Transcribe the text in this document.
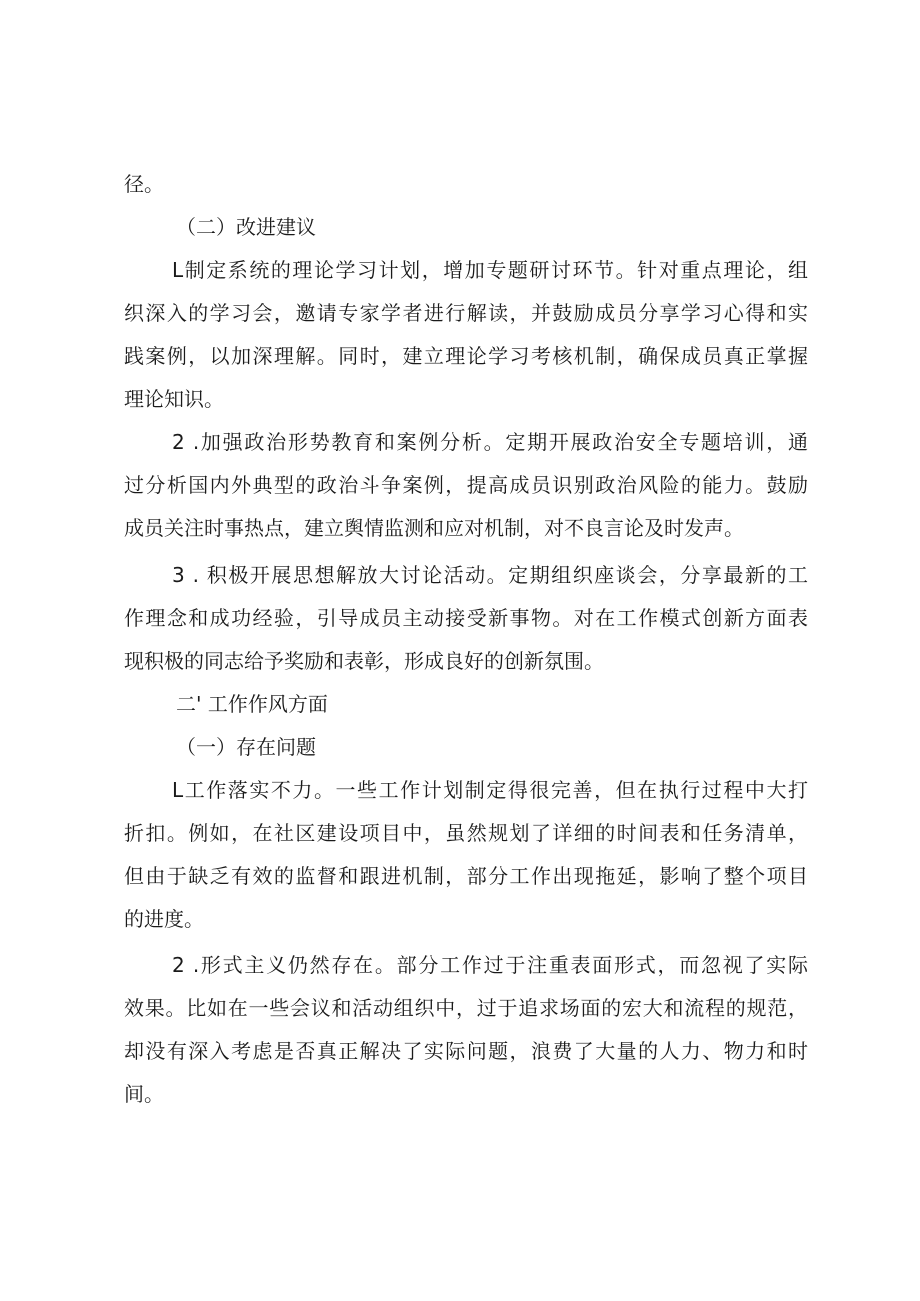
径。
（二）改进建议
L制定系统的理论学习计划，增加专题研讨环节。针对重点理论，组
织深入的学习会，邀请专家学者进行解读，并鼓励成员分享学习心得和实
践案例，以加深理解。同时，建立理论学习考核机制，确保成员真正掌握
理论知识。
2 .加强政治形势教育和案例分析。定期开展政治安全专题培训，通
过分析国内外典型的政治斗争案例，提高成员识别政治风险的能力。鼓励
成员关注时事热点，建立舆情监测和应对机制，对不良言论及时发声。
3 . 积极开展思想解放大讨论活动。定期组织座谈会，分享最新的工
作理念和成功经验，引导成员主动接受新事物。对在工作模式创新方面表
现积极的同志给予奖励和表彰，形成良好的创新氛围。
二' 工作作风方面
（一）存在问题
L工作落实不力。一些工作计划制定得很完善，但在执行过程中大打
折扣。例如，在社区建设项目中，虽然规划了详细的时间表和任务清单，
但由于缺乏有效的监督和跟进机制，部分工作出现拖延，影响了整个项目
的进度。
2 .形式主义仍然存在。部分工作过于注重表面形式，而忽视了实际
效果。比如在一些会议和活动组织中，过于追求场面的宏大和流程的规范，
却没有深入考虑是否真正解决了实际问题，浪费了大量的人力、物力和时
间。
